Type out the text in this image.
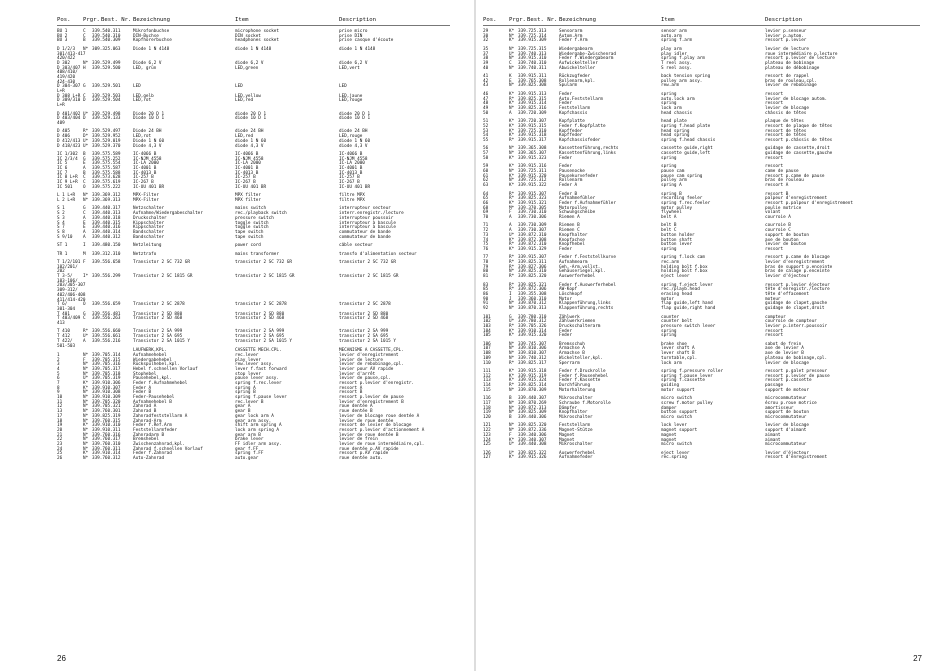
Pos.	Prgr. Best. Nr. Bezeichnung	Item	Description
BU 1	C	339.540.311	Mikrofonbuchse	microphone socket	prise micro
BU 2	C	339.540.310	DIN-Buchse	DIN socket	prise DIN
BU 3	B	339.540.309	Kopfhörerbuchse	headphones socket	prise casque d'écoute
D 1/2/3	N* 309.325.063	Diode 1 N 4148	diode 1 N 4148	diode 1 N 4148
301/413-417
420/422
D 302	N* 339.529.499	Diode 6,2 V	diode 6,2 V	diode 6,2 V
D 303/407 H	339.529.500	LED, grün	LED,green	LED,vert
408/410/
419/420
424-430
D 304-307 G	339.529.501	LED	LED	LED
L+R
D 308 L+R C	339.529.503	LED,gelb	LED,yellow	LED,jaune
D 309/310 D	339.529.504	LED,rot	LED,red	LED,rouge
L+R
D 401/402 U* 339.529.498	Diode 20 D 1	diode 20 D 1	diode 20 D 1
D 403/404 D	339.529.133	Diode 10 D 1	diode 10 D 1	diode 10 D 1
409
D 405	R* 339.529.497	Diode 24 BH	diode 24 BH	diode 24 BH
D 406	D* 339.529.952	LED,rot	LED,red	LED,rouge
D 412/413 U* 339.529.019	Diode 1 N 60	diode 1 N 60	diode 1 N 60
D 418/423 U* 339.529.370	Diode 4,3 V	diode 4,3 V	diode 4,3 V
IC 1/302	B	339.575.589	IC-4066 B	IC-4066 B	IC-4066 B
IC 2/3/4	G	339.575.252	IC-NJM 4558	IC-NJM 4558	IC-NJM 4558
IC 5	E	339.575.554	IC-LA 2000	IC-LA 2000	IC-LA 2000
IC 6	A	339.575.587	IC-4001 B	IC-4001 B	IC-4001 B
IC 7	B	339.575.588	IC-4013 B	IC-4013 B	IC-4013 B
IC 8 L+R	C	339.573.628	IC-257 B	IC-257 B	IC-257 B
IC 9 L+R	C	339.575.619	IC-267 B	IC-267 B	IC-267 B
IC 501	O	339.575.222	IC-UU 401 BR	IC-UU 401 BR	IC-UU 401 BR
L 1 L+R	N* 339.369.312	MPX-Filter	MPX filter	filtre MPX
L 2 L+R	N* 339.369.313	MPX-Filter	MPX filter	filtre MPX
S 1	G	339.440.317	Netzschalter	mains switch	interrupteur secteur
S 2	C	339.440.313	Aufnahme/Wiedergabeschalter	rec./playback switch	interr.enregistr./lecture
S 3	A	339.440.318	Druckschalter	pressure switch	interrupteur poussoir
S 4	E	339.440.315	Kippschalter	toggle switch	interrupteur à bascule
S 7	E	339.440.316	Kippschalter	toggle switch	interrupteur à bascule
S 8	A	339.440.314	Bandschalter	tape switch	commutateur de bande
S 9/10	A	339.440.312	Bandschalter	tape switch	commutateur de bande
ST 1	I	339.480.150	Netzleitung	power cord	câble secteur
TR 1	M	339.312.310	Netztrafo	mains transformer	transfo d'alimentation secteur
T 1/2/101 F	339.556.658	Transistor 2 SC 732 GR	transistor 2 SC 732 GR	transistor 2 SC 732 GR
102/201/
202
T 3-5/	I* 339.556.299	Transistor 2 SC 1815 GR	transistor 2 SC 1815 GR	transistor 2 SC 1815 GR
103-106/
203/305-307
309-312/
402/406-408
411/414-420
T 6/	O	339.556.659	Transistor 2 SC 2878	transistor 2 SC 2878	transistor 2 SC 2878
301-304
T 401	G	339.556.481	Transistor 2 SD 880	transistor 2 SD 880	transistor 2 SD 880
T 403/409 C	339.556.263	Transistor 2 SD 468	transistor 2 SD 468	transistor 2 SD 468
413
T 410	R* 339.556.660	Transistor 2 SA 999	transistor 2 SA 999	transistor 2 SA 999
T 412	U* 339.556.661	Transistor 2 SA 695	transistor 2 SA 695	transistor 2 SA 695
T 422/	A	339.556.216	Transistor 2 SA 1015 Y	transistor 2 SA 1015 Y	transistor 2 SA 1015 Y
501-503
LAUFWERK,KPL.	CASSETTE MECH.CPL.	MECANISME A CASSETTE,CPL.
1	N* 339.705.314	Aufnahmehebel	rec.lever	levier d'enregistrement
2	F	339.705.315	Wiedergabehebel	play lever	levier de lecture
3	N* 339.705.316	Rückspulhebel,kpl.	rew.lever assy.	levier de rebobinage,cpl.
4	N* 339.705.317	Hebel f.schnellen Vorlauf	lever f.fast forward	levier pour AV rapide
5	N* 339.705.318	Stophebel	stop lever	levier d'arrêt
6	U* 339.705.319	Pausehebel,kpl.	pause lever assy.	levier de pause,cpl.
7	K* 339.910.306	Feder f.Aufnahmehebel	spring f.rec.lever	ressort p.levier d'enregistr.
8	K* 339.910.307	Feder A	spring A	ressort A
9	N* 339.910.308	Feder B	spring B	ressort B
10	N* 339.910.309	Feder-Pausehebel	spring f.pause lever	ressort p.levier de pause
11	N* 339.705.320	Aufnahmehebel B	rec.lever B	levier d'enregistrement B
12	N* 339.705.321	Zahnrad A	gear A	roue dentée A
13	N* 339.760.301	Zahnrad B	gear B	roue dentée B
17	N* 339.825.319	Zahnradfeststellarm A	gear lock arm A	levier de blocage roue dentée A
18	N* 339.760.315	Zahnrad-Arm	gear arm assy.	levier de roue dentée
19	K* 339.910.310	Feder f.Ref.Arm	shift arm spring A	ressort de levier de blocage
20	N* 339.910.311	Feststellarmfeder	lock arm spring A	ressort p.levier d'actionnement A
21	N* 339.760.316	Zahnradarm B	gear arm B	levier de roue dentée B
22	N* 339.760.317	Bremshebel	brake lever	levier de frein
23	N* 339.760.310	Zwischenzahnrad,kpl.	FF idler arm assy.	levier de roue intermédiaire,cpl.
24	N* 339.760.311	Zahnrad f.schnellen Vorlauf	gear f.FF	roue dentée p.AV rapide
25	K* 339.910.314	Feder f.Zahnrad	spring f.FF	ressort p.AV rapide
26	N* 339.760.312	Auto-Zahnrad	auto.gear	roue dentée auto.
26
Pos.	Prgr. Best. Nr. Bezeichnung	Item	Description
29	K* 339.725.313	Sensorarm	sensor arm	levier p.senseur
30	N* 339.725.314	Autom.Arm	auto.arm	levier p.autom.
32	K* 339.915.309	Feder f.Arm	spring f.arm	ressort p.levier
35	N* 339.725.315	Wiedergabearm	play arm	levier de lecture
37	U* 339.740.313	Wiedergabe-Zwischenrad	play idler	roue intermédiaire p.lecture
38	N* 339.915.310	Feder f.Wiedergabearm	spring f.play arm	ressort p.levier de lecture
39	C	339.740.310	Aufwickelteller	T reel assy.	plateau de bobinage
40	N* 339.740.311	Abwickelteller	S reel assy.	plateau de débobinage
41	K	339.915.311	Rückzugfeder	back tension spring	ressort de rappel
42	E	339.765.308	Rollenarm,kpl.	pulley arm assy.	bras de rouleau,cpl.
43	N* 339.825.308	Spularm	rew.arm	levier de rebobinage
46	K* 339.915.313	Feder	spring	ressort
47	R* 339.825.315	Auto.Feststellarm	auto.lock arm	levier de blocage autom.
48	K* 339.915.314	Feder	spring	ressort
49	N* 339.825.316	Feststellarm	lock arm	levier de blocage
50	A	339.720.309	Kopfchassis	head chassis	châssis de têtes
51	K* 339.720.307	Kopfplatte	head plate	plaque de têtes
52	K* 339.915.315	Feder f.Kopfplatte	spring f.head plate	ressort de plaque de têtes
53	K* 339.725.310	Kopffeder	head spring	ressort de têtes
54	K* 339.915.318	Kopffeder	head spring	ressort de têtes
55	R* 339.915.317	Kopfchassisfeder	spring f.head chassis	ressort p.châssis de têtes
56	N* 339.365.308	Kassettenführung,rechts	cassette guide,right	guidage de cassette,droit
57	N* 339.365.307	Kassettenführung,links	cassette guide,left	guidage de cassette,gauche
58	K* 339.915.323	Feder	spring	ressort
59	K* 339.915.316	Feder	spring	ressort
60	N* 339.725.311	Pausenocke	pause cam	came de pause
61	K* 339.915.320	Pausekurvefeder	pause cam spring	ressort p.came de pause
62	N* 339.725.312	Rollenarm	pulley arm	bras de rouleau
63	K* 339.915.322	Feder A	spring A	ressort A
64	R* 339.915.307	Feder B	spring B	ressort B
65	R* 339.825.323	Aufnahmefühler	recording feeler	palpeur d'enregistrement
66	K* 339.915.321	Feder f.Aufnahmefühler	spring f.rec.feeler	ressort p.palpeur d'enregistrement
68	M* 339.370.305	Motorpulley	motor pulley	poulie motrice
69	F	339.730.310	Schwungscheibe	flywheel	volant
70	A	339.730.306	Riemen A	belt A	courroie A
71	A	339.730.309	Riemen B	belt B	courroie B
72	A	339.730.307	Riemen C	belt C	courroie C
73	U* 339.872.310	Knopfhalter	button holder	support de bouton
74	K* 339.872.308	Knopfachse	button shaft	axe de bouton
75	R* 339.872.310	Knopfhebel	button lever	levier de bouton
76	K* 339.915.329	Feder	spring	ressort
77	R* 339.915.307	Feder f.Feststellkurve	spring f.lock cam	ressort p.came de blocage
78	R* 339.825.311	Aufnahmearm	rec.arm	levier d'enregistrement
79	R* 339.827.306	Geh.-Arm,vollst.	holding bolt f.box	bras de support p.enceinte
80	N* 339.825.310	Gehäuseriegel,kpl.	holding bolt f.box	bras de calage p.enceinte
81	R* 339.825.320	Auswerferhebel	eject lever	levier d'éjecteur
83	R* 339.825.321	Feder f.Auswerferhebel	spring f.eject lever	ressort p.levier éjecteur
85	R* 339.872.306	AW-Kopf	rec./playb.head	tête d'enregistr./lecture
86	I	339.355.308	Löschkopf	erasing head	tête d'effacement
90	J	339.360.310	Motor	motor	moteur
91	N* 339.870.312	Klappenführung,links	flap guide,left hand	guidage de clapet,gauche
92	N* 339.870.313	Klappenführung,rechts	flap guide,right hand	guidage de clapet,droit
101	G	339.780.310	Zählwerk	counter	compteur
102	U* 339.780.312	Zählwerkriemen	counter belt	courroie de compteur
103	R* 339.705.326	Druckschalterarm	pressure switch lever	levier p.interr.poussoir
104	K* 339.910.314	Feder	spring	ressort
105	K* 339.915.320	Feder	spring	ressort
106	N* 339.745.307	Bremsschuh	brake shoe	sabot de frein
107	N* 339.810.306	Armachse A	lever shaft A	axe de levier A
108	N* 339.810.307	Armachse B	lever shaft B	axe de levier B
109	N* 339.740.312	Wickelteller,kpl.	turntable,cpl.	plateau de bobinage,cpl.
110	R* 339.825.317	Sperrarm	lock arm	levier de blocage
111	K* 339.915.318	Feder f.Druckrolle	spring f.pressure roller	ressort p.galet presseur
112	K* 339.915.319	Feder f.Pausenhebel	spring f.pause lever	ressort p.levier de pause
113	K* 339.915.324	Feder f.Kassette	spring f.cassette	ressort p.cassette
114	R* 339.825.314	Durchführung	guiding	passage
115	N* 339.870.309	Motorhalterung	motor support	support de moteur
116	B	339.440.307	Mikroschalter	micro switch	microcommutateur
117	N* 339.870.269	Schraube f.Motorolle	screw f.motor pulley	écrou p.roue motrice
118	N* 339.872.313	Dämpfer	damper	amortisseur
119	N* 339.825.309	Knopfhalter	button support	support de bouton
120	B	339.440.306	Mikroschalter	micro switch	microcommutateur
121	N* 339.825.320	Feststellarm	lock lever	levier de blocage
122	N* 339.872.336	Magnet-Stütze	magnet support	support d'aimant
123	F	339.340.306	Magnet	magnet	aimant
124	K* 339.340.307	Magnet	magnet	aimant
125	U* 339.440.308	Mikroschalter	micro switch	microcommutateur
126	U* 339.825.322	Auswerferhebel	eject lever	levier d'éjecteur
127	K* 339.915.326	Aufnahmefeder	rec.spring	ressort d'enregistrement
27
